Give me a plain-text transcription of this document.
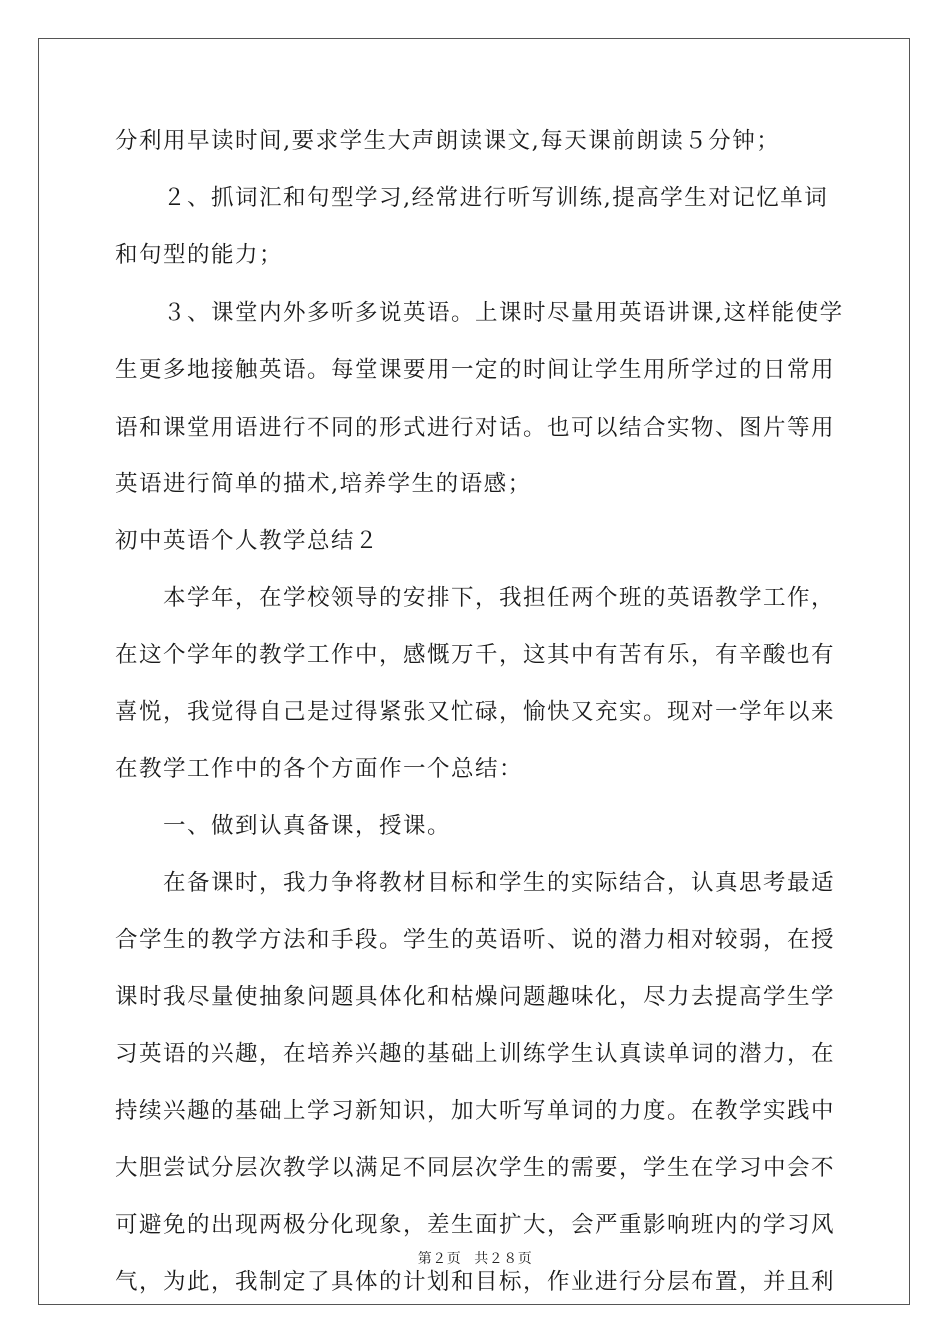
分利用早读时间,要求学生大声朗读课文,每天课前朗读５分钟；
　　２、抓词汇和句型学习,经常进行听写训练,提高学生对记忆单词
和句型的能力；
　　３、课堂内外多听多说英语。上课时尽量用英语讲课,这样能使学
生更多地接触英语。每堂课要用一定的时间让学生用所学过的日常用
语和课堂用语进行不同的形式进行对话。也可以结合实物、图片等用
英语进行简单的描术,培养学生的语感；
初中英语个人教学总结２
　　本学年，在学校领导的安排下，我担任两个班的英语教学工作，
在这个学年的教学工作中，感慨万千，这其中有苦有乐，有辛酸也有
喜悦，我觉得自己是过得紧张又忙碌，愉快又充实。现对一学年以来
在教学工作中的各个方面作一个总结：
　　一、做到认真备课，授课。
　　在备课时，我力争将教材目标和学生的实际结合，认真思考最适
合学生的教学方法和手段。学生的英语听、说的潜力相对较弱，在授
课时我尽量使抽象问题具体化和枯燥问题趣味化，尽力去提高学生学
习英语的兴趣，在培养兴趣的基础上训练学生认真读单词的潜力，在
持续兴趣的基础上学习新知识，加大听写单词的力度。在教学实践中
大胆尝试分层次教学以满足不同层次学生的需要，学生在学习中会不
可避免的出现两极分化现象，差生面扩大，会严重影响班内的学习风
气，为此，我制定了具体的计划和目标，作业进行分层布置，并且利
第２页 共２８页
